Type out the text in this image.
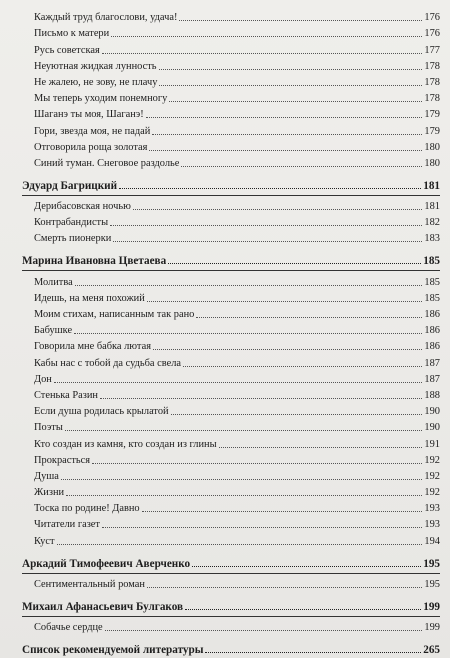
Каждый труд благослови, удача!	176
Письмо к матери	176
Русь советская	177
Неуютная жидкая лунность	178
Не жалею, не зову, не плачу	178
Мы теперь уходим понемногу	178
Шаганэ ты моя, Шаганэ!	179
Гори, звезда моя, не падай	179
Отговорила роща золотая	180
Синий туман. Снеговое раздолье	180
Эдуард Багрицкий	181
Дерибасовская ночью	181
Контрабандисты	182
Смерть пионерки	183
Марина Ивановна Цветаева	185
Молитва	185
Идешь, на меня похожий	185
Моим стихам, написанным так рано	186
Бабушке	186
Говорила мне бабка лютая	186
Кабы нас с тобой да судьба свела	187
Дон	187
Стенька Разин	188
Если душа родилась крылатой	190
Поэты	190
Кто создан из камня, кто создан из глины	191
Прокрасться	192
Душа	192
Жизни	192
Тоска по родине! Давно	193
Читатели газет	193
Куст	194
Аркадий Тимофеевич Аверченко	195
Сентиментальный роман	195
Михаил Афанасьевич Булгаков	199
Собачье сердце	199
Список рекомендуемой литературы	265
